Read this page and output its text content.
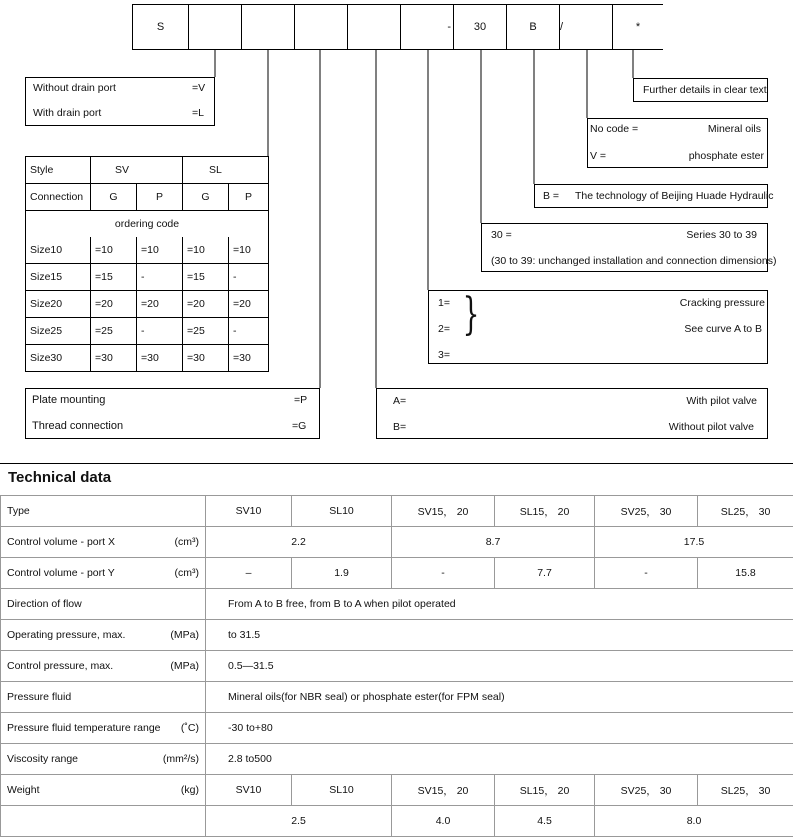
S	-	30	B	/	*
Without drain port	=V
With drain port	=L
Style	SV		SL	
Connection	G	P	G	P
ordering code				
Size10	=10	=10	=10	=10
Size15	=15	-	=15	-
Size20	=20	=20	=20	=20
Size25	=25	-	=25	-
Size30	=30	=30	=30	=30
Plate mounting	=P
Thread connection	=G
Further details in clear text
No code =	Mineral oils
V =	phosphate ester
B = The technology of Beijing Huade Hydraulic
30 =	Series 30 to 39
(30 to 39: unchanged installation and connection dimensions)
1=
2=
3=
}	Cracking pressure
See curve A to B
A=	With pilot valve
B=	Without pilot valve
Technical data
Type	SV10	SL10	SV15， 20	SL15， 20	SV25， 30	SL25， 30
Control volume - port X (cm³)	2.2		8.7		17.5	
Control volume - port Y (cm³)	–	1.9	-	7.7	-	15.8
Direction of flow	From A to B free, from B to A when pilot operated					
Operating pressure, max. (MPa)	to 31.5					
Control pressure, max. (MPa)	0.5—31.5					
Pressure fluid	Mineral oils(for NBR seal) or phosphate ester(for FPM seal)					
Pressure fluid temperature range (˚C)	-30 to+80					
Viscosity range (mm²/s)	2.8 to500					
Weight (kg)	SV10	SL10	SV15， 20	SL15， 20	SV25， 30	SL25， 30
	2.5		4.0	4.5	8.0	
